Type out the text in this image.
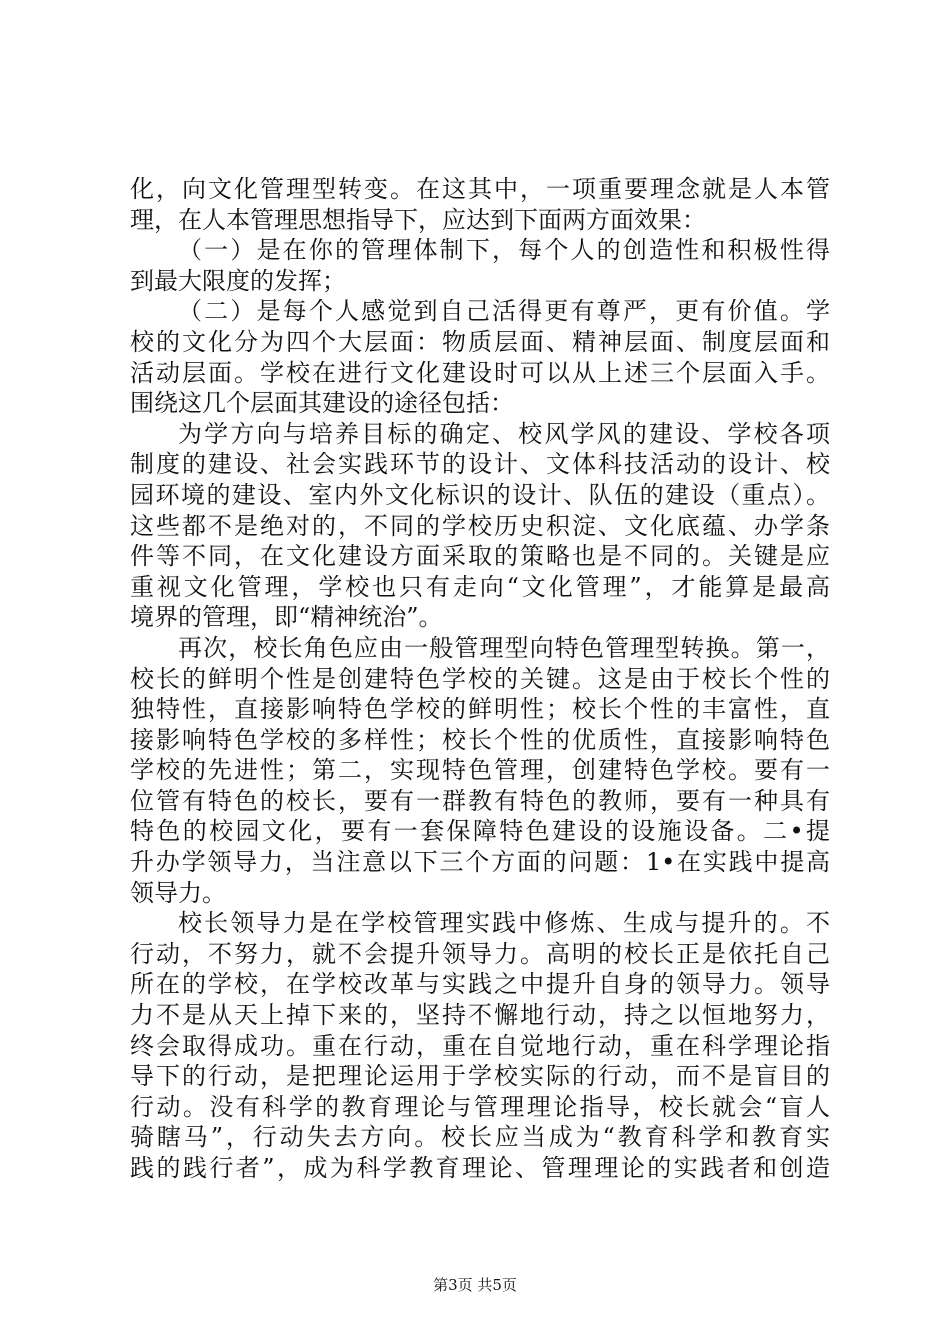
化，向文化管理型转变。在这其中，一项重要理念就是人本管
理，在人本管理思想指导下，应达到下面两方面效果：
（一）是在你的管理体制下，每个人的创造性和积极性得
到最大限度的发挥；
（二）是每个人感觉到自己活得更有尊严，更有价值。学
校的文化分为四个大层面：物质层面、精神层面、制度层面和
活动层面。学校在进行文化建设时可以从上述三个层面入手。
围绕这几个层面其建设的途径包括：
为学方向与培养目标的确定、校风学风的建设、学校各项
制度的建设、社会实践环节的设计、文体科技活动的设计、校
园环境的建设、室内外文化标识的设计、队伍的建设（重点）。
这些都不是绝对的，不同的学校历史积淀、文化底蕴、办学条
件等不同，在文化建设方面采取的策略也是不同的。关键是应
重视文化管理，学校也只有走向“文化管理”，才能算是最高
境界的管理，即“精神统治”。
再次，校长角色应由一般管理型向特色管理型转换。第一，
校长的鲜明个性是创建特色学校的关键。这是由于校长个性的
独特性，直接影响特色学校的鲜明性；校长个性的丰富性，直
接影响特色学校的多样性；校长个性的优质性，直接影响特色
学校的先进性；第二，实现特色管理，创建特色学校。要有一
位管有特色的校长，要有一群教有特色的教师，要有一种具有
特色的校园文化，要有一套保障特色建设的设施设备。二•提
升办学领导力，当注意以下三个方面的问题：1•在实践中提高
领导力。
校长领导力是在学校管理实践中修炼、生成与提升的。不
行动，不努力，就不会提升领导力。高明的校长正是依托自己
所在的学校，在学校改革与实践之中提升自身的领导力。领导
力不是从天上掉下来的，坚持不懈地行动，持之以恒地努力，
终会取得成功。重在行动，重在自觉地行动，重在科学理论指
导下的行动，是把理论运用于学校实际的行动，而不是盲目的
行动。没有科学的教育理论与管理理论指导，校长就会“盲人
骑瞎马”，行动失去方向。校长应当成为“教育科学和教育实
践的践行者”，成为科学教育理论、管理理论的实践者和创造
第3页 共5页
